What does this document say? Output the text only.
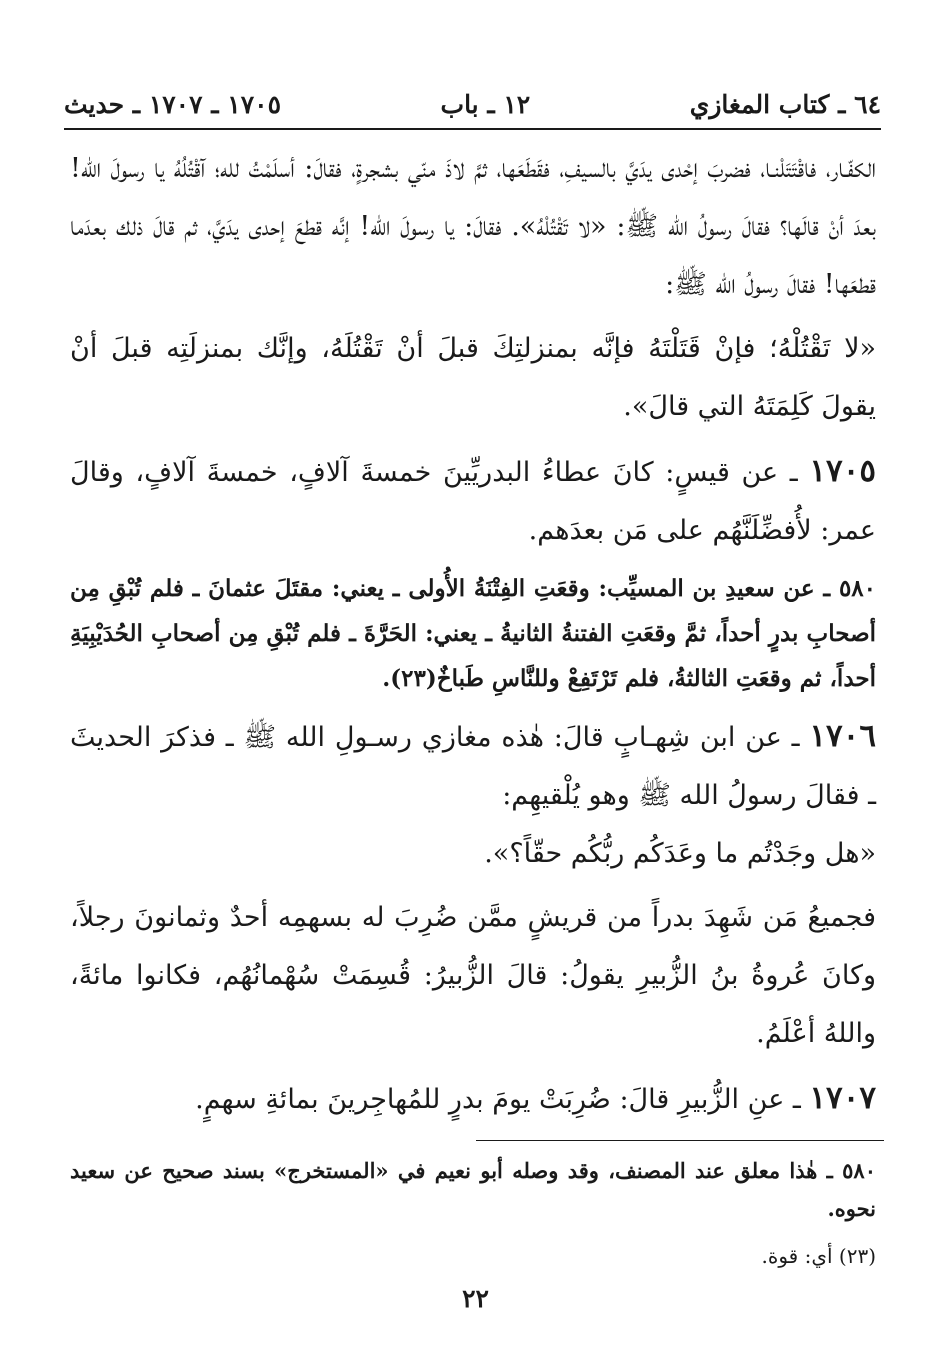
١٧٠٥ ـ ١٧٠٧ ـ حديث	١٢ ـ باب	٦٤ ـ كتاب المغازي

الكفّـار، فاقْتَتَلْنـا، فضربَ إحْدى يدَيَّ بالسيفِ، فقَطَعَها، ثمَّ لاذَ منّي بشجرةٍ، فقالَ: أسلَمْتُ لله؛ آقْتُلُهُ يا رسولَ الله! بعدَ أنْ قالَها؟ فقالَ رسولُ الله ﷺ: «لا تَقْتُلْهُ». فقالَ: يا رسولَ الله! إنَّه قطعَ إحدى يدَيَّ، ثم قالَ ذلك بعدَما قطعَها! فقالَ رسولُ الله ﷺ:

«لا تَقْتُلْهُ؛ فإنْ قَتَلْتَهُ فإنَّه بمنزلتِكَ قبلَ أنْ تَقْتُلَهُ، وإنَّك بمنزلَتِه قبلَ أنْ يقولَ كَلِمَتَهُ التي قالَ».

١٧٠٥ ـ عن قيسٍ: كانَ عطاءُ البدريِّينَ خمسةَ آلافٍ، خمسةَ آلافٍ، وقالَ عمر: لأُفضِّلَنَّهُم على مَن بعدَهم.

٥٨٠ ـ عن سعيدِ بن المسيِّب: وقعَتِ الفِتْنَةُ الأُولى ـ يعني: مقتَلَ عثمانَ ـ فلم تُبْقِ مِن أصحابِ بدرٍ أحداً، ثمَّ وقعَتِ الفتنةُ الثانيةُ ـ يعني: الحَرَّةَ ـ فلم تُبْقِ مِن أصحابِ الحُدَيْبِيَةِ أحداً، ثم وقعَتِ الثالثةُ، فلم تَرْتَفِعْ وللنَّاسِ طَباخٌ(٢٣).

١٧٠٦ ـ عن ابن شِهـابٍ قالَ: هٰذه مغازي رسـولِ الله ﷺ ـ فذكرَ الحديثَ ـ فقالَ رسولُ الله ﷺ وهو يُلْقيهِم:

«هل وجَدْتُم ما وعَدَكُم ربُّكُم حقّاً؟».

فجميعُ مَن شَهِدَ بدراً من قريشٍ ممَّن ضُرِبَ له بسهمِه أحدٌ وثمانونَ رجلاً، وكانَ عُروةُ بنُ الزُّبيرِ يقولُ: قالَ الزُّبيرُ: قُسِمَتْ سُهْمانُهُم، فكانوا مائةً، واللهُ أعْلَمُ.

١٧٠٧ ـ عنِ الزُّبيرِ قالَ: ضُرِبَتْ يومَ بدرٍ للمُهاجِرينَ بمائةِ سهمٍ.

٥٨٠ ـ هٰذا معلق عند المصنف، وقد وصله أبو نعيم في «المستخرج» بسند صحيح عن سعيد نحوه.

(٢٣) أي: قوة.

٢٢
